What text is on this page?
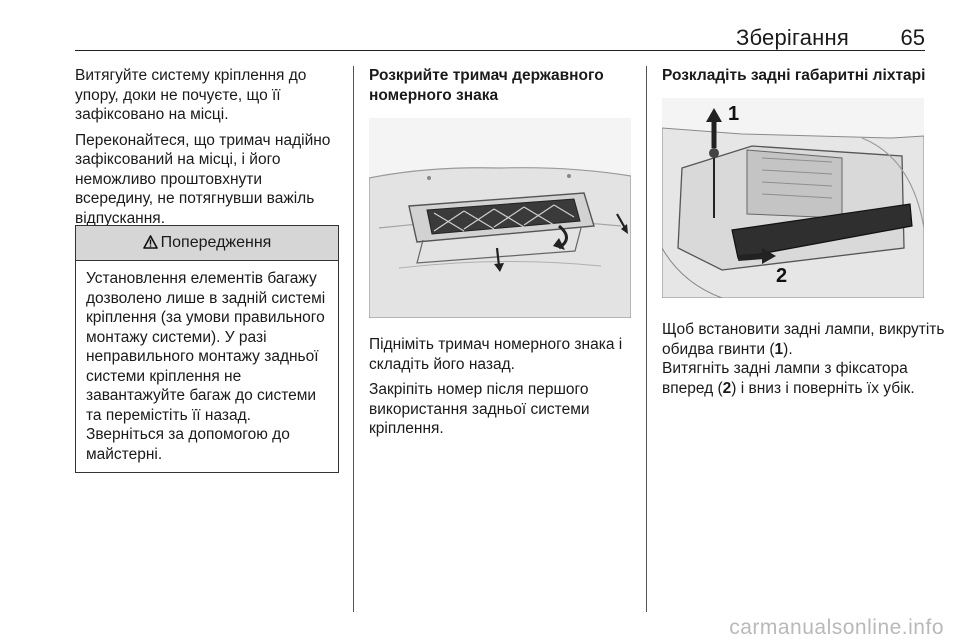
Зберігання 65

Витягуйте систему кріплення до упору, доки не почуєте, що її зафіксовано на місці.

Переконайтеся, що тримач надійно зафіксований на місці, і його неможливо проштовхнути всередину, не потягнувши важіль відпускання.

Попередження
Установлення елементів багажу дозволено лише в задній системі кріплення (за умови правильного монтажу системи). У разі неправильного монтажу задньої системи кріплення не завантажуйте багаж до системи та перемістіть її назад. Зверніться за допомогою до майстерні.
Розкрийте тримач державного номерного знака

Підніміть тримач номерного знака і складіть його назад.

Закріпіть номер після першого використання задньої системи кріплення.

Розкладіть задні габаритні ліхтарі
1
2

Щоб встановити задні лампи, викрутіть обидва гвинти (1).

Витягніть задні лампи з фіксатора вперед (2) і вниз і поверніть їх убік.

carmanualsonline.info
